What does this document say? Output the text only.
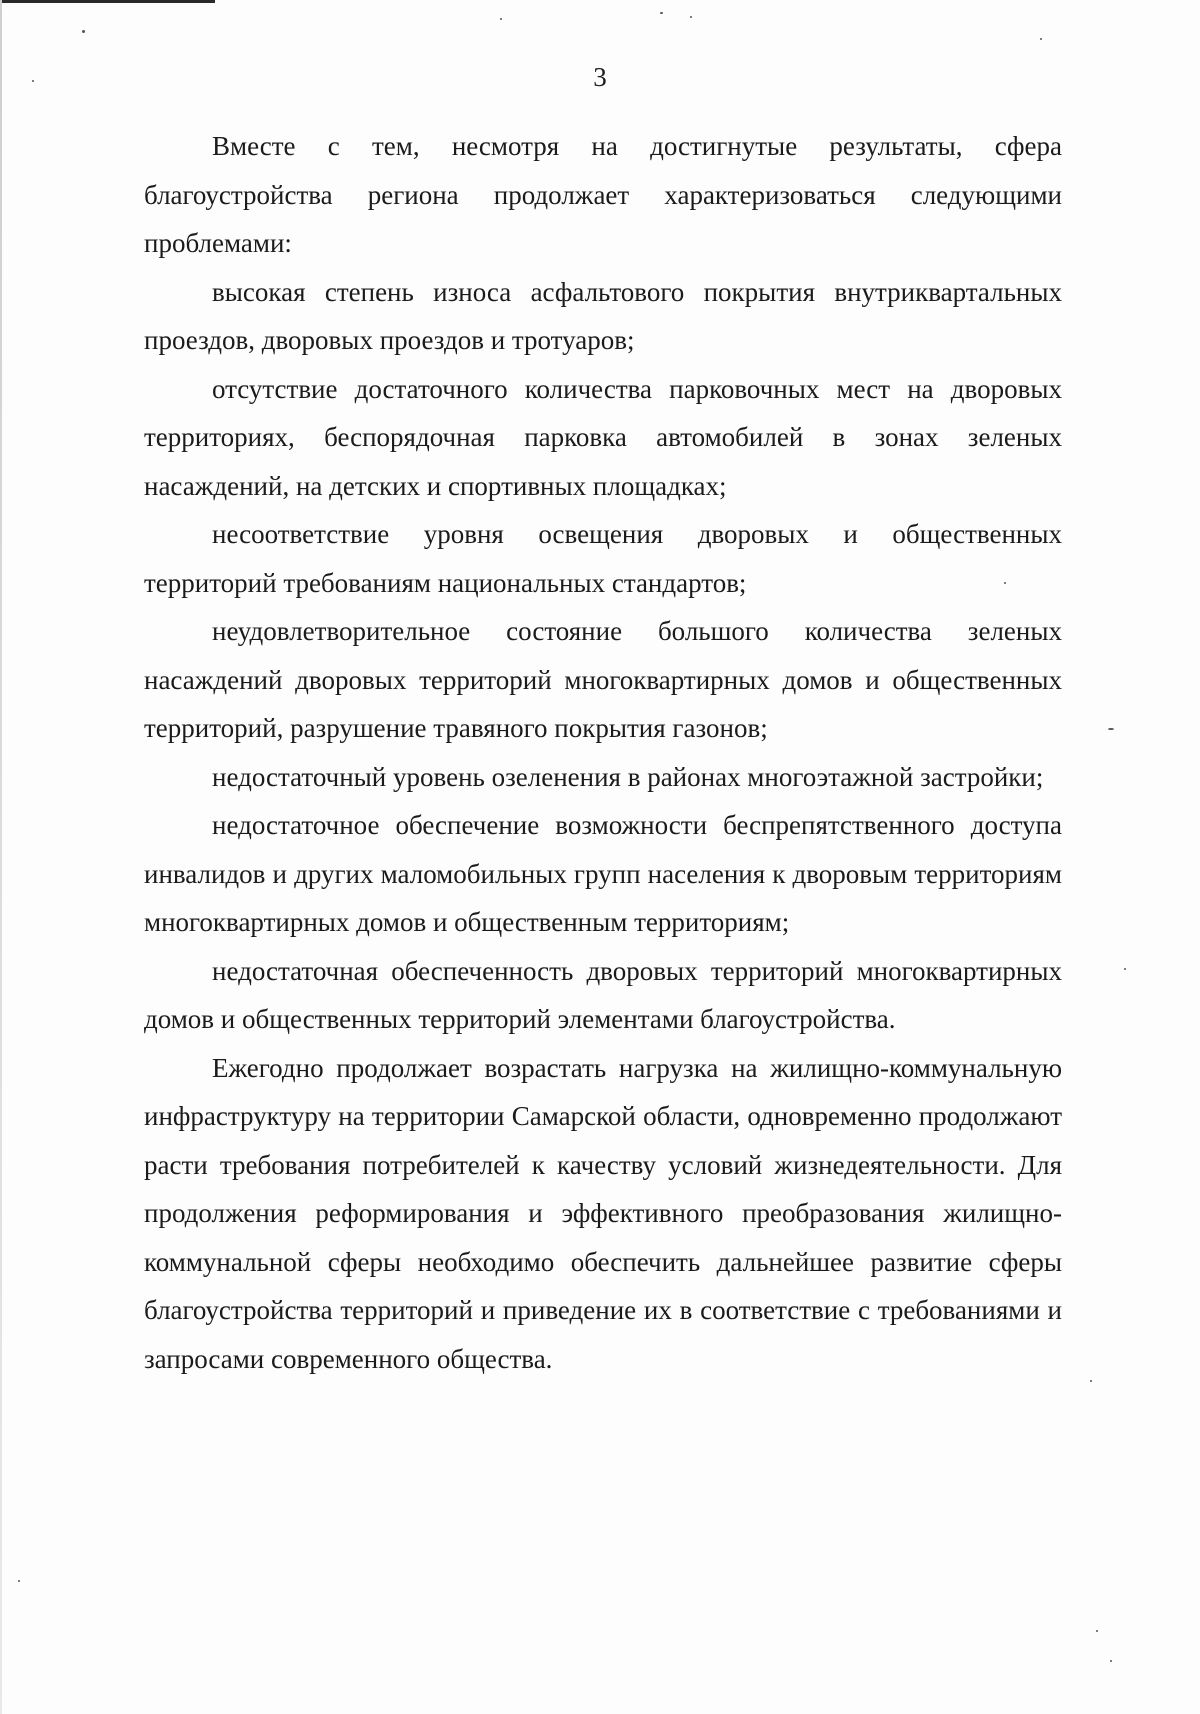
3

Вместе с тем, несмотря на достигнутые результаты, сфера благоустройства региона продолжает характеризоваться следующими проблемами:

высокая степень износа асфальтового покрытия внутриквартальных проездов, дворовых проездов и тротуаров;

отсутствие достаточного количества парковочных мест на дворовых территориях, беспорядочная парковка автомобилей в зонах зеленых насаждений, на детских и спортивных площадках;

несоответствие уровня освещения дворовых и общественных территорий требованиям национальных стандартов;

неудовлетворительное состояние большого количества зеленых насаждений дворовых территорий многоквартирных домов и общественных территорий, разрушение травяного покрытия газонов;

недостаточный уровень озеленения в районах многоэтажной застройки;

недостаточное обеспечение возможности беспрепятственного доступа инвалидов и других маломобильных групп населения к дворовым территориям многоквартирных домов и общественным территориям;

недостаточная обеспеченность дворовых территорий многоквартирных домов и общественных территорий элементами благоустройства.

Ежегодно продолжает возрастать нагрузка на жилищно-коммунальную инфраструктуру на территории Самарской области, одновременно продолжают расти требования потребителей к качеству условий жизнедеятельности. Для продолжения реформирования и эффективного преобразования жилищно-коммунальной сферы необходимо обеспечить дальнейшее развитие сферы благоустройства территорий и приведение их в соответствие с требованиями и запросами современного общества.
